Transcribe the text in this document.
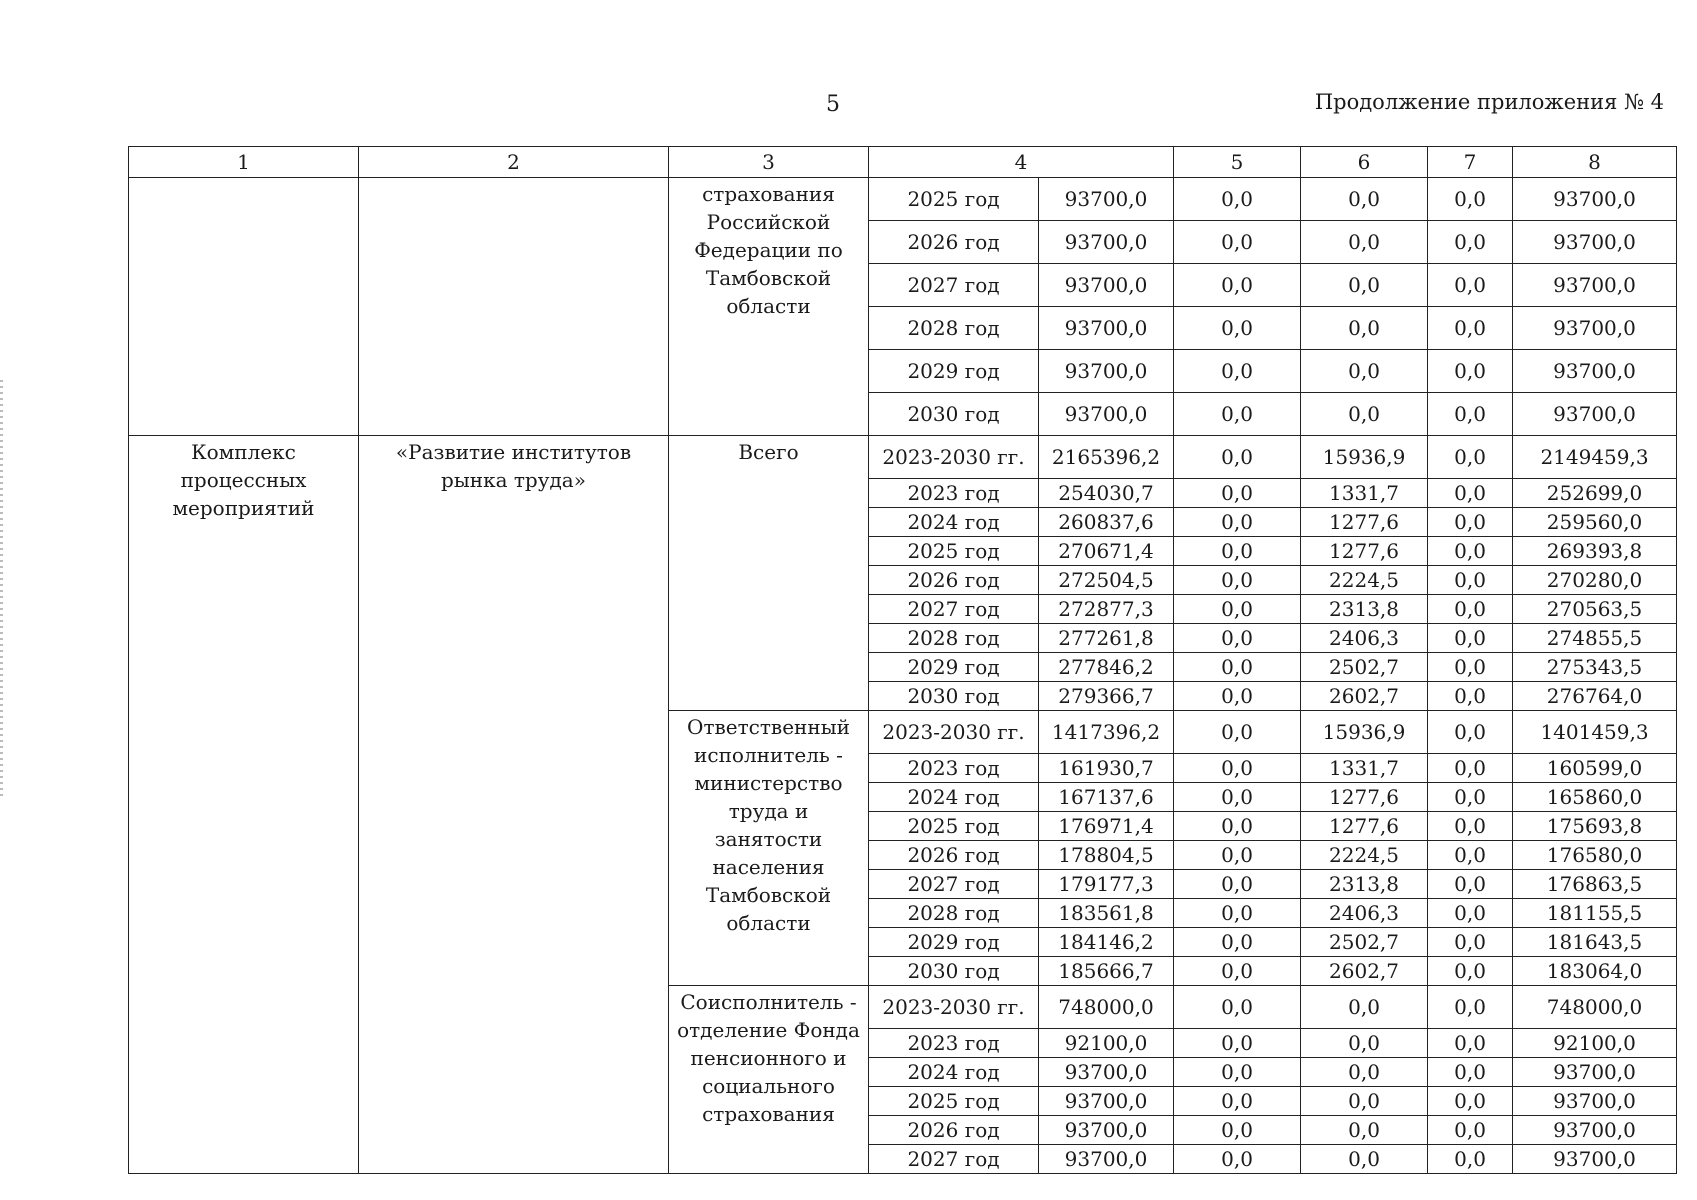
5	Продолжение приложения № 4
1	2	3	4		5	6	7	8
		страхования Российской Федерации по Тамбовской области	2025 год	93700,0	0,0	0,0	0,0	93700,0
			2026 год	93700,0	0,0	0,0	0,0	93700,0
			2027 год	93700,0	0,0	0,0	0,0	93700,0
			2028 год	93700,0	0,0	0,0	0,0	93700,0
			2029 год	93700,0	0,0	0,0	0,0	93700,0
			2030 год	93700,0	0,0	0,0	0,0	93700,0
Комплекс процессных мероприятий	«Развитие институтов рынка труда»	Всего	2023-2030 гг.	2165396,2	0,0	15936,9	0,0	2149459,3
			2023 год	254030,7	0,0	1331,7	0,0	252699,0
			2024 год	260837,6	0,0	1277,6	0,0	259560,0
			2025 год	270671,4	0,0	1277,6	0,0	269393,8
			2026 год	272504,5	0,0	2224,5	0,0	270280,0
			2027 год	272877,3	0,0	2313,8	0,0	270563,5
			2028 год	277261,8	0,0	2406,3	0,0	274855,5
			2029 год	277846,2	0,0	2502,7	0,0	275343,5
			2030 год	279366,7	0,0	2602,7	0,0	276764,0
		Ответственный исполнитель - министерство труда и занятости населения Тамбовской области	2023-2030 гг.	1417396,2	0,0	15936,9	0,0	1401459,3
			2023 год	161930,7	0,0	1331,7	0,0	160599,0
			2024 год	167137,6	0,0	1277,6	0,0	165860,0
			2025 год	176971,4	0,0	1277,6	0,0	175693,8
			2026 год	178804,5	0,0	2224,5	0,0	176580,0
			2027 год	179177,3	0,0	2313,8	0,0	176863,5
			2028 год	183561,8	0,0	2406,3	0,0	181155,5
			2029 год	184146,2	0,0	2502,7	0,0	181643,5
			2030 год	185666,7	0,0	2602,7	0,0	183064,0
		Соисполнитель - отделение Фонда пенсионного и социального страхования	2023-2030 гг.	748000,0	0,0	0,0	0,0	748000,0
			2023 год	92100,0	0,0	0,0	0,0	92100,0
			2024 год	93700,0	0,0	0,0	0,0	93700,0
			2025 год	93700,0	0,0	0,0	0,0	93700,0
			2026 год	93700,0	0,0	0,0	0,0	93700,0
			2027 год	93700,0	0,0	0,0	0,0	93700,0
